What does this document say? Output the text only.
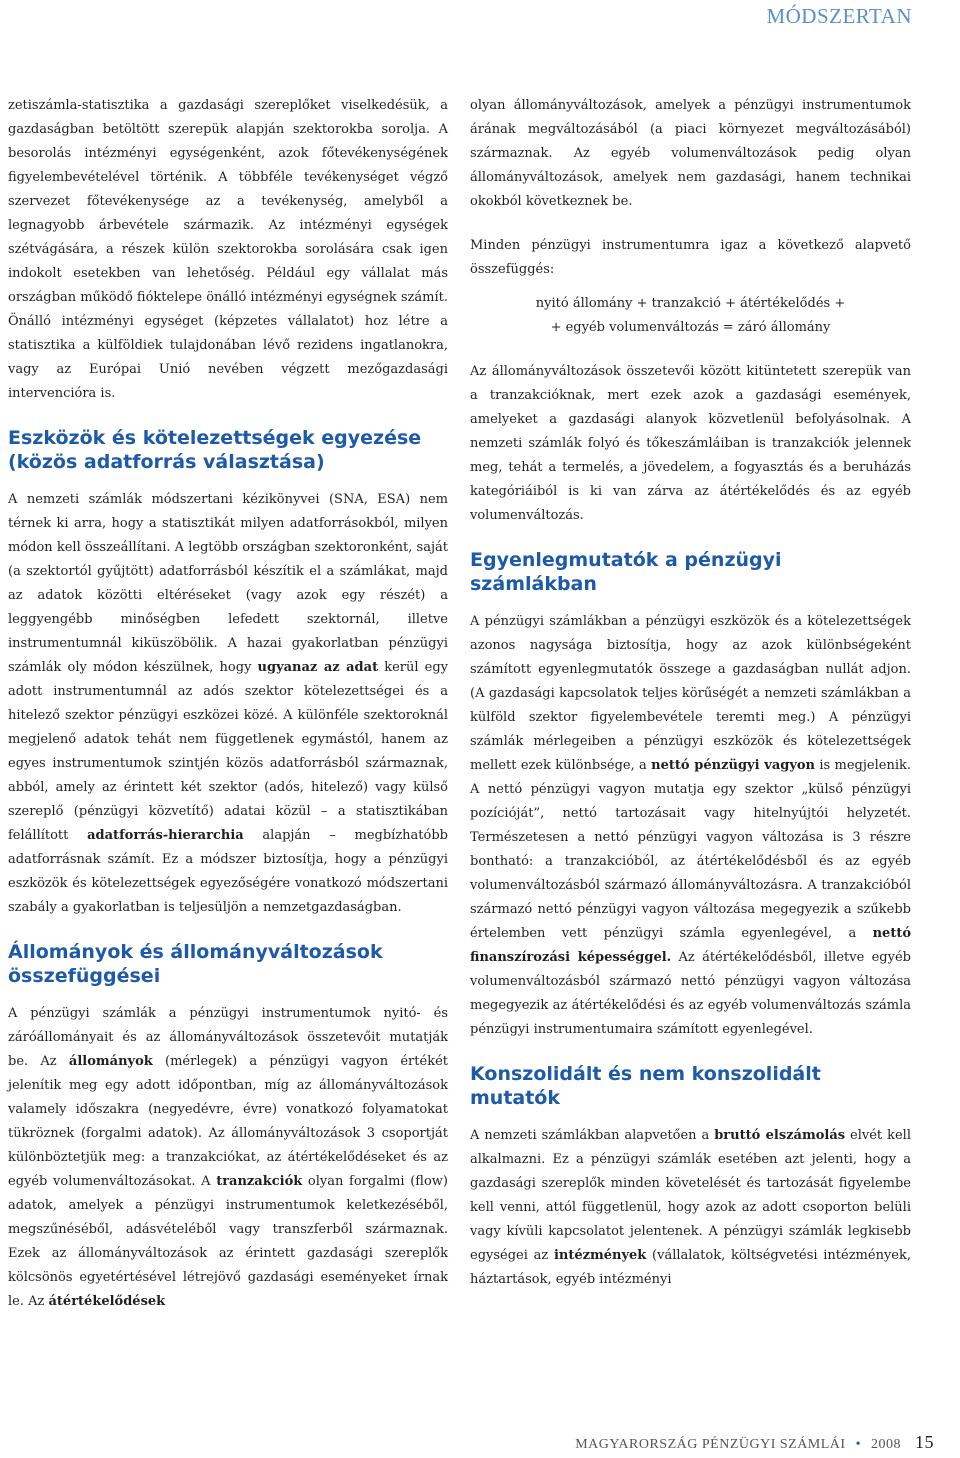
MÓDSZERTAN

zetiszámla-statisztika a gazdasági szereplőket viselkedésük, a gazdaságban betöltött szerepük alapján szektorokba sorolja. A besorolás intézményi egységenként, azok főtevékenységének figyelembevételével történik. A többféle tevékenységet végző szervezet főtevékenysége az a tevékenység, amelyből a legnagyobb árbevétele származik. Az intézményi egységek szétvágására, a részek külön szektorokba sorolására csak igen indokolt esetekben van lehetőség. Például egy vállalat más országban működő fióktelepe önálló intézményi egységnek számít. Önálló intézményi egységet (képzetes vállalatot) hoz létre a statisztika a külföldiek tulajdonában lévő rezidens ingatlanokra, vagy az Európai Unió nevében végzett mezőgazdasági intervencióra is.

Eszközök és kötelezettségek egyezése (közös adatforrás választása)

A nemzeti számlák módszertani kézikönyvei (SNA, ESA) nem térnek ki arra, hogy a statisztikát milyen adatforrásokból, milyen módon kell összeállítani. A legtöbb országban szektoronként, saját (a szektortól gyűjtött) adatforrásból készítik el a számlákat, majd az adatok közötti eltéréseket (vagy azok egy részét) a leggyengébb minőségben lefedett szektornál, illetve instrumentumnál kiküszöbölik. A hazai gyakorlatban pénzügyi számlák oly módon készülnek, hogy ugyanaz az adat kerül egy adott instrumentumnál az adós szektor kötelezettségei és a hitelező szektor pénzügyi eszközei közé. A különféle szektoroknál megjelenő adatok tehát nem függetlenek egymástól, hanem az egyes instrumentumok szintjén közös adatforrásból származnak, abból, amely az érintett két szektor (adós, hitelező) vagy külső szereplő (pénzügyi közvetítő) adatai közül – a statisztikában felállított adatforrás-hierarchia alapján – megbízhatóbb adatforrásnak számít. Ez a módszer biztosítja, hogy a pénzügyi eszközök és kötelezettségek egyezőségére vonatkozó módszertani szabály a gyakorlatban is teljesüljön a nemzetgazdaságban.

Állományok és állományváltozások összefüggései

A pénzügyi számlák a pénzügyi instrumentumok nyitó- és záróállományait és az állományváltozások összetevőit mutatják be. Az állományok (mérlegek) a pénzügyi vagyon értékét jelenítik meg egy adott időpontban, míg az állományváltozások valamely időszakra (negyedévre, évre) vonatkozó folyamatokat tükröznek (forgalmi adatok). Az állományváltozások 3 csoportját különböztetjük meg: a tranzakciókat, az átértékelődéseket és az egyéb volumenváltozásokat. A tranzakciók olyan forgalmi (flow) adatok, amelyek a pénzügyi instrumentumok keletkezéséből, megszűnéséből, adásvételéből vagy transzferből származnak. Ezek az állományváltozások az érintett gazdasági szereplők kölcsönös egyetértésével létrejövő gazdasági eseményeket írnak le. Az átértékelődések

olyan állományváltozások, amelyek a pénzügyi instrumentumok árának megváltozásából (a piaci környezet megváltozásából) származnak. Az egyéb volumenváltozások pedig olyan állományváltozások, amelyek nem gazdasági, hanem technikai okokból következnek be.

Minden pénzügyi instrumentumra igaz a következő alapvető összefüggés:

nyitó állomány + tranzakció + átértékelődés +
+ egyéb volumenváltozás = záró állomány

Az állományváltozások összetevői között kitüntetett szerepük van a tranzakcióknak, mert ezek azok a gazdasági események, amelyeket a gazdasági alanyok közvetlenül befolyásolnak. A nemzeti számlák folyó és tőkeszámláiban is tranzakciók jelennek meg, tehát a termelés, a jövedelem, a fogyasztás és a beruházás kategóriáiból is ki van zárva az átértékelődés és az egyéb volumenváltozás.

Egyenlegmutatók a pénzügyi számlákban

A pénzügyi számlákban a pénzügyi eszközök és a kötelezettségek azonos nagysága biztosítja, hogy az azok különbségeként számított egyenlegmutatók összege a gazdaságban nullát adjon. (A gazdasági kapcsolatok teljes körűségét a nemzeti számlákban a külföld szektor figyelembevétele teremti meg.) A pénzügyi számlák mérlegeiben a pénzügyi eszközök és kötelezettségek mellett ezek különbsége, a nettó pénzügyi vagyon is megjelenik. A nettó pénzügyi vagyon mutatja egy szektor „külső pénzügyi pozícióját”, nettó tartozásait vagy hitelnyújtói helyzetét. Természetesen a nettó pénzügyi vagyon változása is 3 részre bontható: a tranzakcióból, az átértékelődésből és az egyéb volumenváltozásból származó állományváltozásra. A tranzakcióból származó nettó pénzügyi vagyon változása megegyezik a szűkebb értelemben vett pénzügyi számla egyenlegével, a nettó finanszírozási képességgel. Az átértékelődésből, illetve egyéb volumenváltozásból származó nettó pénzügyi vagyon változása megegyezik az átértékelődési és az egyéb volumenváltozás számla pénzügyi instrumentumaira számított egyenlegével.

Konszolidált és nem konszolidált mutatók

A nemzeti számlákban alapvetően a bruttó elszámolás elvét kell alkalmazni. Ez a pénzügyi számlák esetében azt jelenti, hogy a gazdasági szereplők minden követelését és tartozását figyelembe kell venni, attól függetlenül, hogy azok az adott csoporton belüli vagy kívüli kapcsolatot jelentenek. A pénzügyi számlák legkisebb egységei az intézmények (vállalatok, költségvetési intézmények, háztartások, egyéb intézményi

MAGYARORSZÁG PÉNZÜGYI SZÁMLÁI • 2008 15
